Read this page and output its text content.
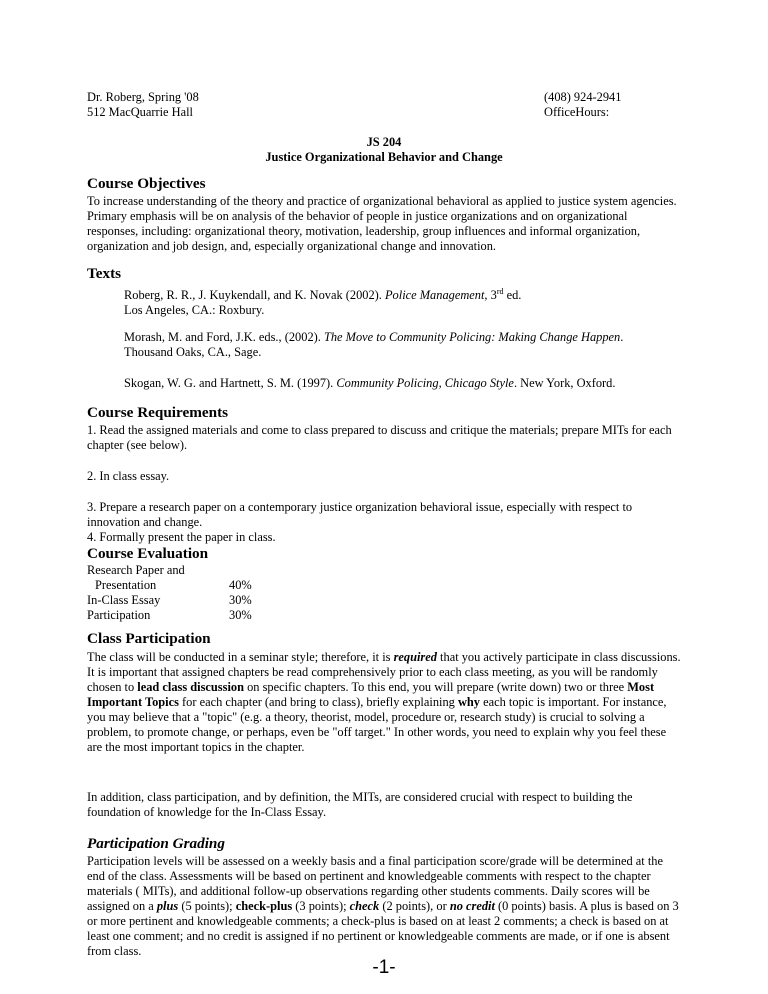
Dr. Roberg, Spring '08
512 MacQuarrie Hall
(408) 924-2941
OfficeHours:
JS 204
Justice Organizational Behavior and Change
Course Objectives
To increase understanding of the theory and practice of organizational behavioral as applied to justice system agencies. Primary emphasis will be on analysis of the behavior of people in justice organizations and on organizational responses, including: organizational theory, motivation, leadership, group influences and informal organization, organization and job design, and, especially organizational change and innovation.
Texts
Roberg, R. R., J. Kuykendall, and K. Novak (2002). Police Management, 3rd ed.
Los Angeles, CA.: Roxbury.
Morash, M. and Ford, J.K. eds., (2002). The Move to Community Policing: Making Change Happen.
Thousand Oaks, CA., Sage.
Skogan, W. G. and Hartnett, S. M. (1997). Community Policing, Chicago Style. New York, Oxford.
Course Requirements
1. Read the assigned materials and come to class prepared to discuss and critique the materials; prepare MITs for each chapter (see below).
2. In class essay.
3. Prepare a research paper on a contemporary justice organization behavioral issue, especially with respect to innovation and change.
4. Formally present the paper in class.
Course Evaluation
Research Paper and
Presentation	40%
In-Class Essay	30%
Participation	30%
Class Participation
The class will be conducted in a seminar style; therefore, it is required that you actively participate in class discussions. It is important that assigned chapters be read comprehensively prior to each class meeting, as you will be randomly chosen to lead class discussion on specific chapters. To this end, you will prepare (write down) two or three Most Important Topics for each chapter (and bring to class), briefly explaining why each topic is important. For instance, you may believe that a "topic" (e.g. a theory, theorist, model, procedure or, research study) is crucial to solving a problem, to promote change, or perhaps, even be "off target." In other words, you need to explain why you feel these are the most important topics in the chapter.
In addition, class participation, and by definition, the MITs, are considered crucial with respect to building the foundation of knowledge for the In-Class Essay.
Participation Grading
Participation levels will be assessed on a weekly basis and a final participation score/grade will be determined at the end of the class. Assessments will be based on pertinent and knowledgeable comments with respect to the chapter materials ( MITs), and additional follow-up observations regarding other students comments. Daily scores will be assigned on a plus (5 points); check-plus (3 points); check (2 points), or no credit (0 points) basis. A plus is based on 3 or more pertinent and knowledgeable comments; a check-plus is based on at least 2 comments; a check is based on at least one comment; and no credit is assigned if no pertinent or knowledgeable comments are made, or if one is absent from class.
-1-
